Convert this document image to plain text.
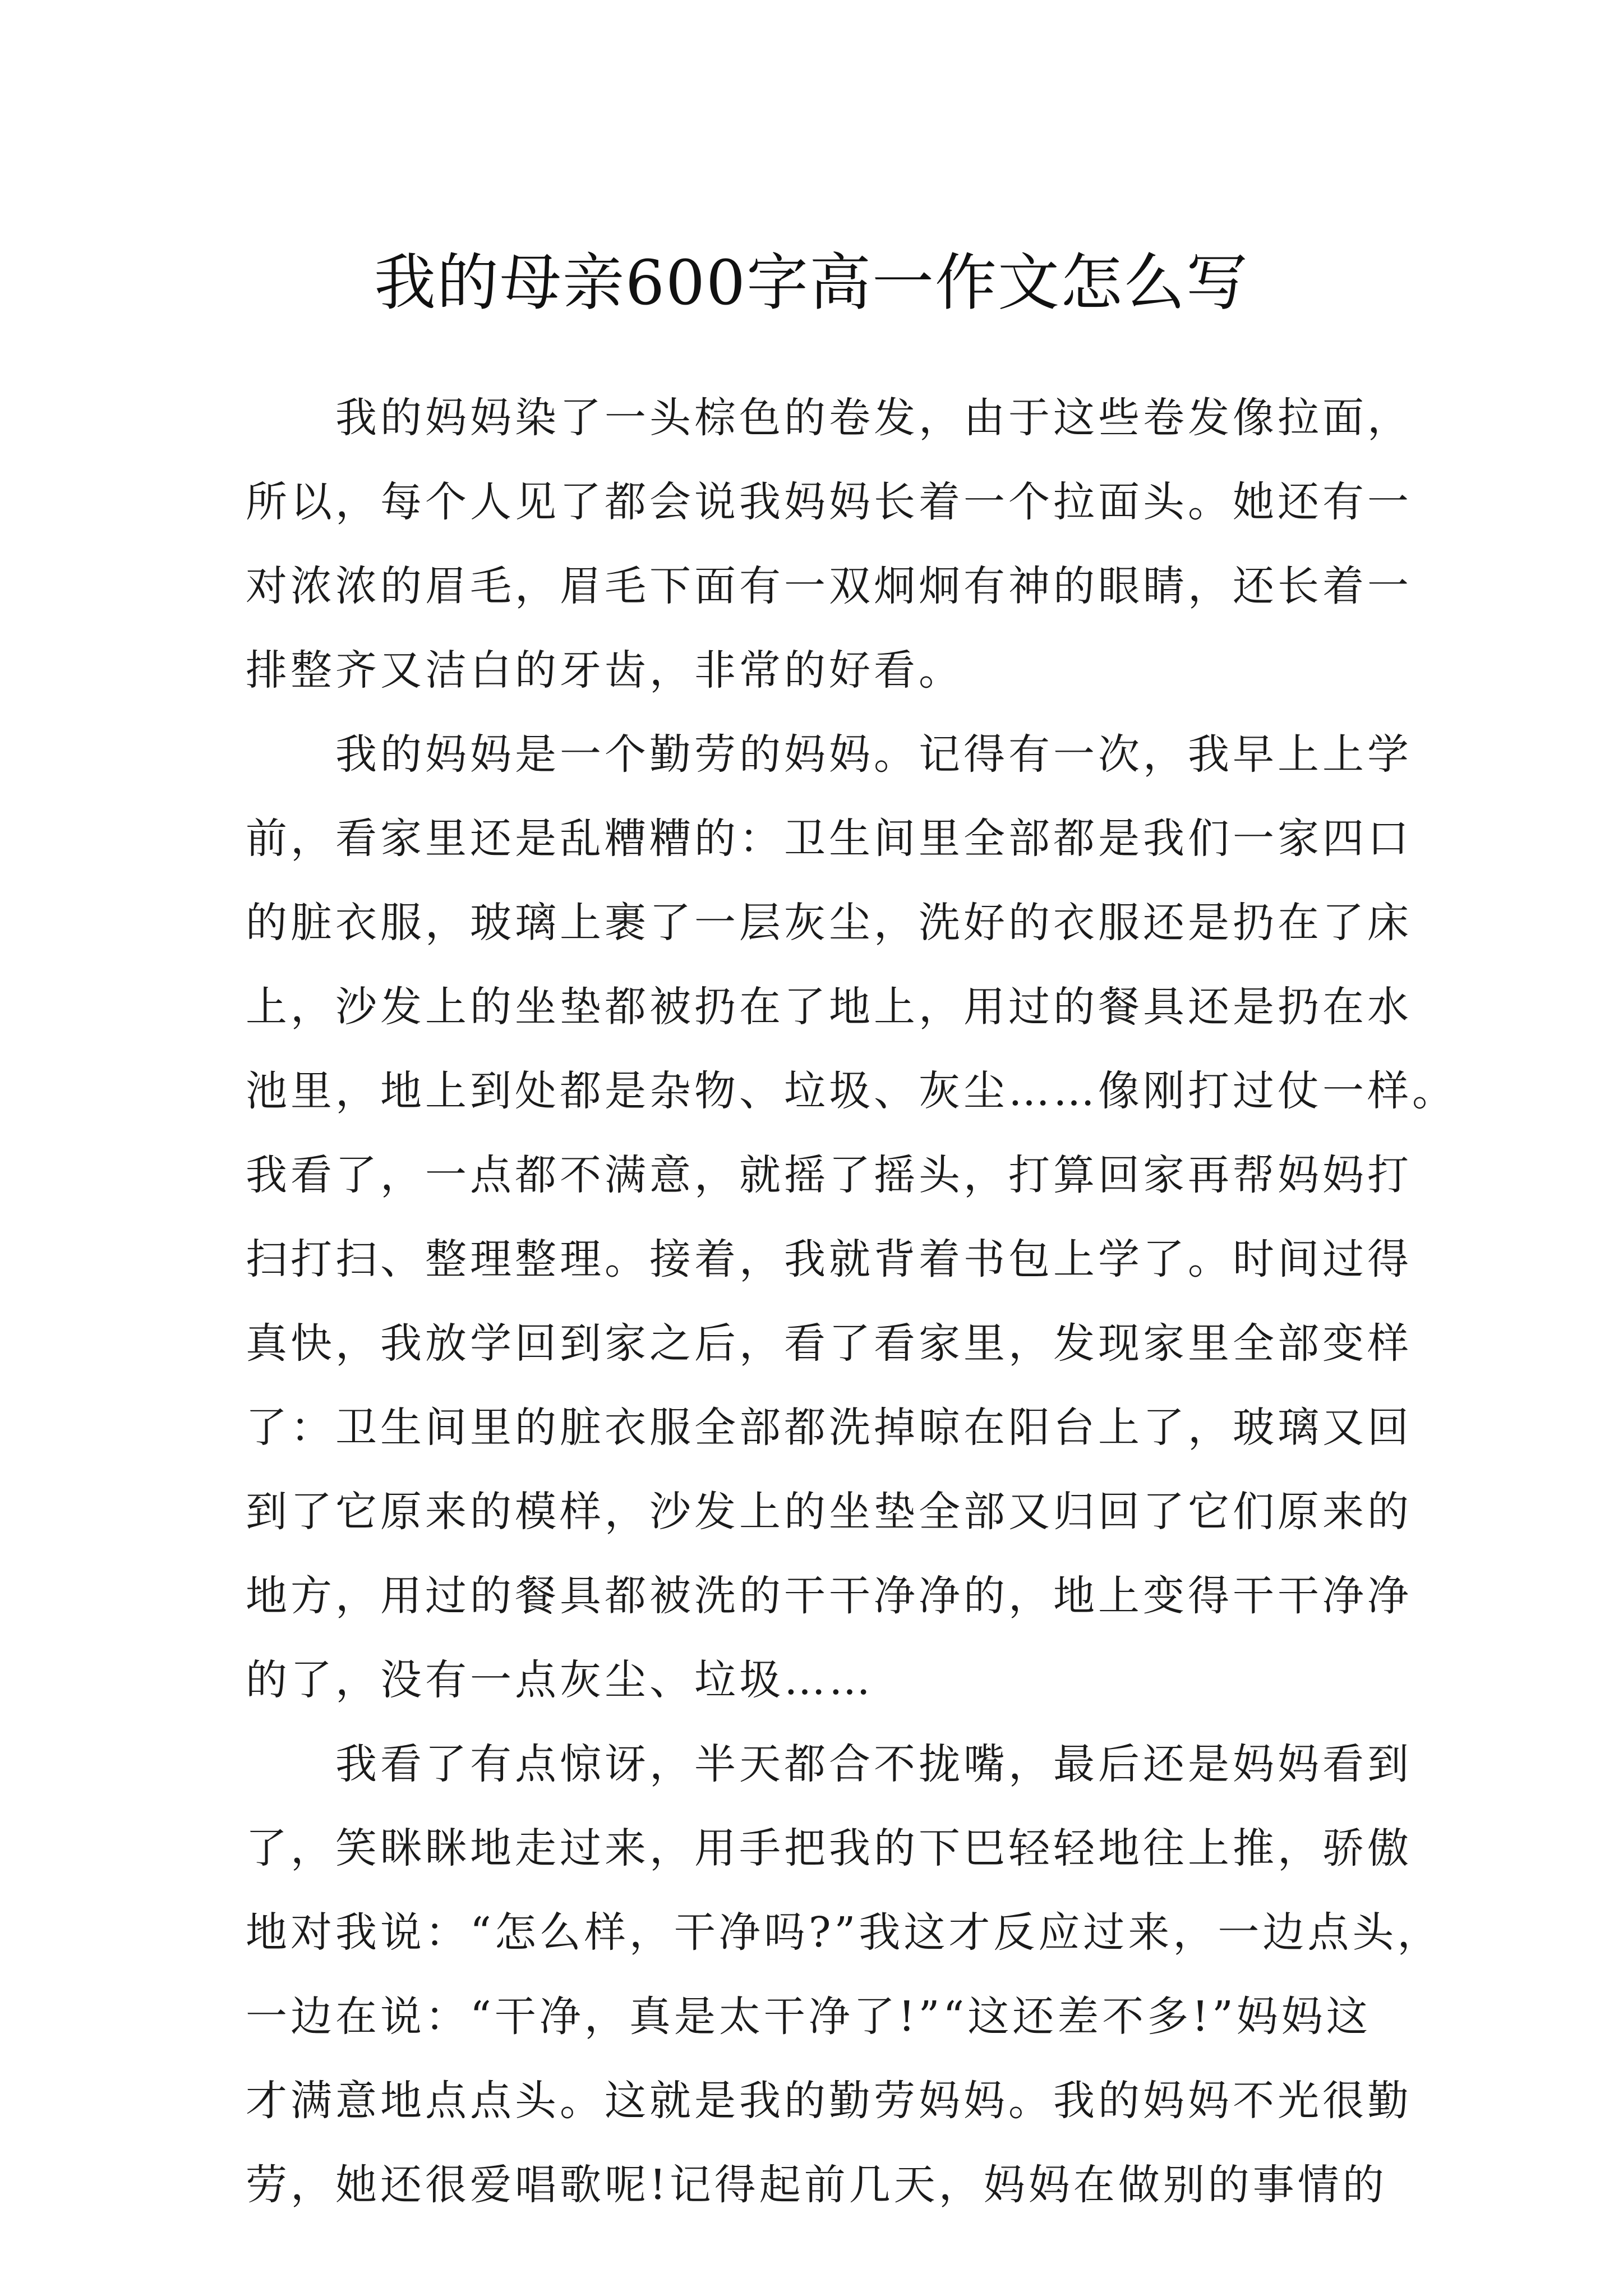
我的母亲600字高一作文怎么写

我的妈妈染了一头棕色的卷发，由于这些卷发像拉面，
所以，每个人见了都会说我妈妈长着一个拉面头。她还有一
对浓浓的眉毛，眉毛下面有一双炯炯有神的眼睛，还长着一
排整齐又洁白的牙齿，非常的好看。

我的妈妈是一个勤劳的妈妈。记得有一次，我早上上学
前，看家里还是乱糟糟的：卫生间里全部都是我们一家四口
的脏衣服，玻璃上裹了一层灰尘，洗好的衣服还是扔在了床
上，沙发上的坐垫都被扔在了地上，用过的餐具还是扔在水
池里，地上到处都是杂物、垃圾、灰尘……像刚打过仗一样。
我看了，一点都不满意，就摇了摇头，打算回家再帮妈妈打
扫打扫、整理整理。接着，我就背着书包上学了。时间过得
真快，我放学回到家之后，看了看家里，发现家里全部变样
了：卫生间里的脏衣服全部都洗掉晾在阳台上了，玻璃又回
到了它原来的模样，沙发上的坐垫全部又归回了它们原来的
地方，用过的餐具都被洗的干干净净的，地上变得干干净净
的了，没有一点灰尘、垃圾……

我看了有点惊讶，半天都合不拢嘴，最后还是妈妈看到
了，笑眯眯地走过来，用手把我的下巴轻轻地往上推，骄傲
地对我说：“怎么样，干净吗?”我这才反应过来，一边点头，
一边在说：“干净，真是太干净了!”“这还差不多!”妈妈这
才满意地点点头。这就是我的勤劳妈妈。我的妈妈不光很勤
劳，她还很爱唱歌呢!记得起前几天，妈妈在做别的事情的
